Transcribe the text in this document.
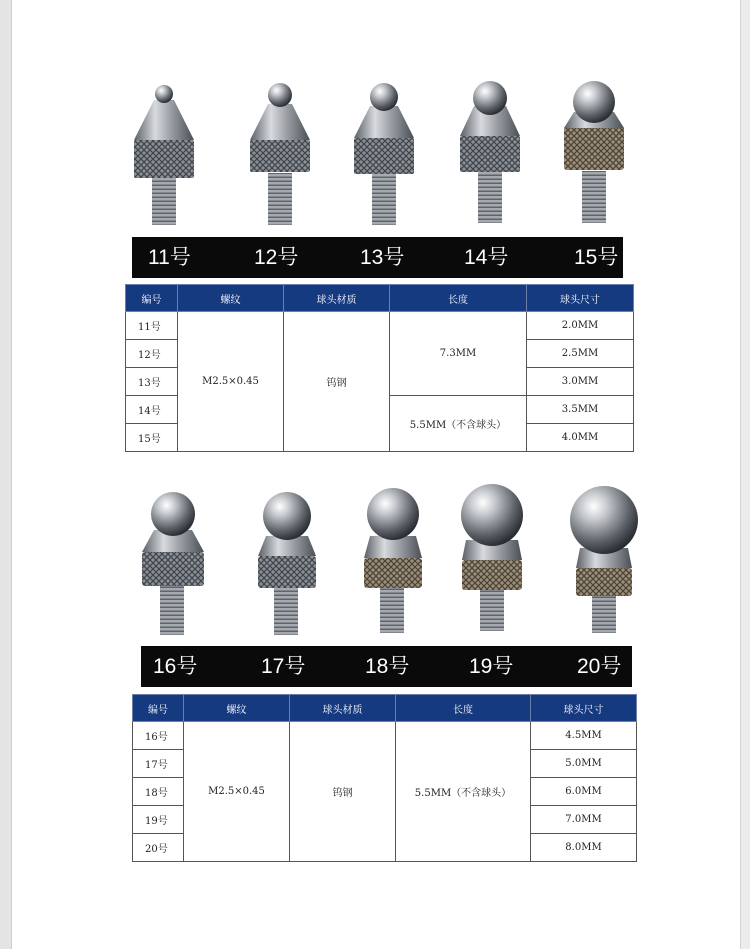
11号	12号	13号	14号	15号
编号	螺纹	球头材质	长度	球头尺寸
11号	M2.5×0.45	钨钢	7.3MM	2.0MM
12号				2.5MM
13号				3.0MM
14号			5.5MM（不含球头）	3.5MM
15号				4.0MM
16号	17号	18号	19号	20号
编号	螺纹	球头材质	长度	球头尺寸
16号	M2.5×0.45	钨钢	5.5MM（不含球头）	4.5MM
17号				5.0MM
18号				6.0MM
19号				7.0MM
20号				8.0MM
